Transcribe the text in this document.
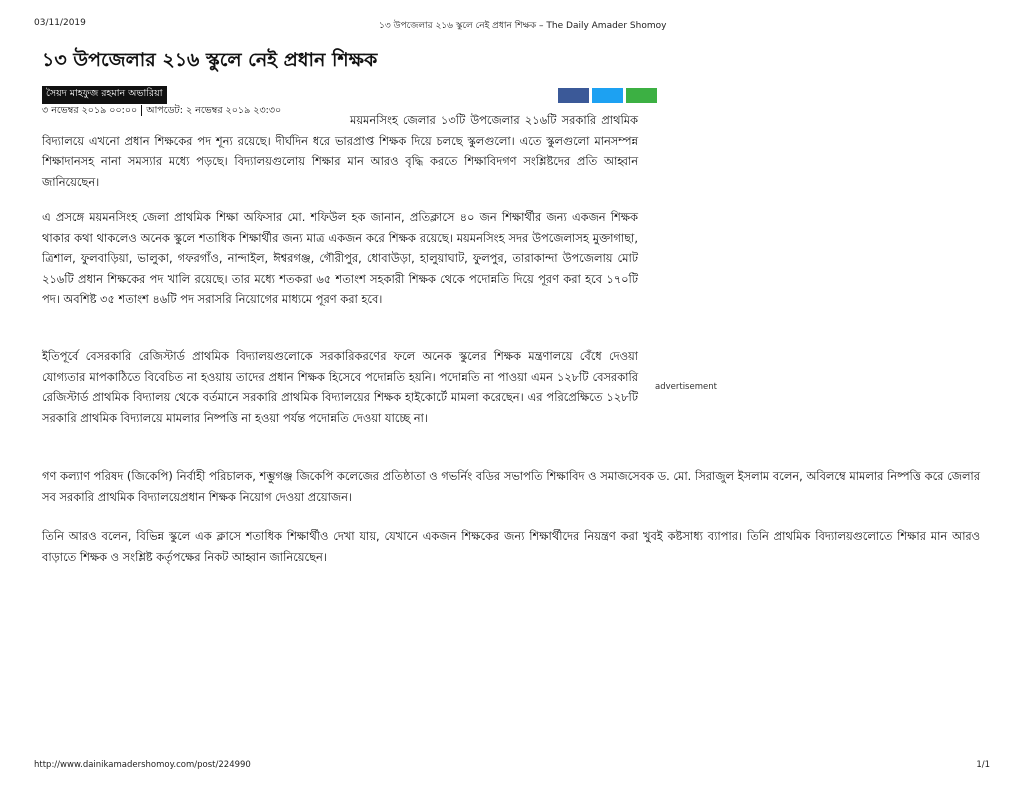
03/11/2019	১৩ উপজেলার ২১৬ স্কুলে নেই প্রধান শিক্ষক – The Daily Amader Shomoy
১৩ উপজেলার ২১৬ স্কুলে নেই প্রধান শিক্ষক
সৈয়দ মাহফুজ রহমান অভারিয়া
৩ নভেম্বর ২০১৯ ০০:০০ আপডেট: ২ নভেম্বর ২০১৯ ২৩:৩০

ময়মনসিংহ জেলার ১৩টি উপজেলার ২১৬টি সরকারি প্রাথমিক বিদ্যালয়ে এখনো প্রধান শিক্ষকের পদ শূন্য রয়েছে। দীর্ঘদিন ধরে ভারপ্রাপ্ত শিক্ষক দিয়ে চলছে স্কুলগুলো। এতে স্কুলগুলো মানসম্পন্ন শিক্ষাদানসহ নানা সমস্যার মধ্যে পড়ছে। বিদ্যালয়গুলোয় শিক্ষার মান আরও বৃদ্ধি করতে শিক্ষাবিদগণ সংশ্লিষ্টদের প্রতি আহ্বান জানিয়েছেন।

এ প্রসঙ্গে ময়মনসিংহ জেলা প্রাথমিক শিক্ষা অফিসার মো. শফিউল হক জানান, প্রতিক্লাসে ৪০ জন শিক্ষার্থীর জন্য একজন শিক্ষক থাকার কথা থাকলেও অনেক স্কুলে শতাধিক শিক্ষার্থীর জন্য মাত্র একজন করে শিক্ষক রয়েছে। ময়মনসিংহ সদর উপজেলাসহ মুক্তাগাছা, ত্রিশাল, ফুলবাড়িয়া, ভালুকা, গফরগাঁও, নান্দাইল, ঈশ্বরগঞ্জ, গৌরীপুর, ধোবাউড়া, হালুয়াঘাট, ফুলপুর, তারাকান্দা উপজেলায় মোট ২১৬টি প্রধান শিক্ষকের পদ খালি রয়েছে। তার মধ্যে শতকরা ৬৫ শতাংশ সহকারী শিক্ষক থেকে পদোন্নতি দিয়ে পূরণ করা হবে ১৭০টি পদ। অবশিষ্ট ৩৫ শতাংশ ৪৬টি পদ সরাসরি নিয়োগের মাধ্যমে পূরণ করা হবে।

ইতিপূর্বে বেসরকারি রেজিস্টার্ড প্রাথমিক বিদ্যালয়গুলোকে সরকারিকরণের ফলে অনেক স্কুলের শিক্ষক মন্ত্রণালয়ে বেঁধে দেওয়া যোগ্যতার মাপকাঠিতে বিবেচিত না হওয়ায় তাদের প্রধান শিক্ষক হিসেবে পদোন্নতি হয়নি। পদোন্নতি না পাওয়া এমন ১২৮টি বেসরকারি রেজিস্টার্ড প্রাথমিক বিদ্যালয় থেকে বর্তমানে সরকারি প্রাথমিক বিদ্যালয়ের শিক্ষক হাইকোর্টে মামলা করেছেন। এর পরিপ্রেক্ষিতে ১২৮টি সরকারি প্রাথমিক বিদ্যালয়ে মামলার নিষ্পত্তি না হওয়া পর্যন্ত পদোন্নতি দেওয়া যাচ্ছে না।

advertisement

গণ কল্যাণ পরিষদ (জিকেপি) নির্বাহী পরিচালক, শম্ভুগঞ্জ জিকেপি কলেজের প্রতিষ্ঠাতা ও গভর্নিং বডির সভাপতি শিক্ষাবিদ ও সমাজসেবক ড. মো. সিরাজুল ইসলাম বলেন, অবিলম্বে মামলার নিষ্পত্তি করে জেলার সব সরকারি প্রাথমিক বিদ্যালয়েপ্রধান শিক্ষক নিয়োগ দেওয়া প্রয়োজন।

তিনি আরও বলেন, বিভিন্ন স্কুলে এক ক্লাসে শতাধিক শিক্ষার্থীও দেখা যায়, যেখানে একজন শিক্ষকের জন্য শিক্ষার্থীদের নিয়ন্ত্রণ করা খুবই কষ্টসাধ্য ব্যাপার। তিনি প্রাথমিক বিদ্যালয়গুলোতে শিক্ষার মান আরও বাড়াতে শিক্ষক ও সংশ্লিষ্ট কর্তৃপক্ষের নিকট আহ্বান জানিয়েছেন।

http://www.dainikamadershomoy.com/post/224990	1/1
